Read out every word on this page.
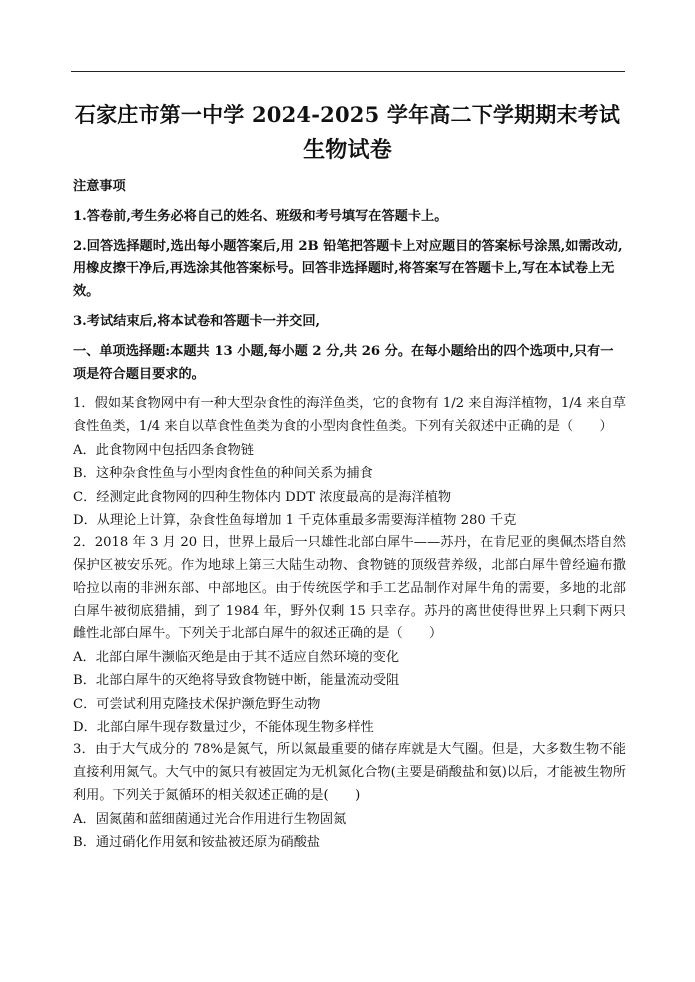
石家庄市第一中学 2024-2025 学年高二下学期期末考试
生物试卷

注意事项

1.答卷前,考生务必将自己的姓名、班级和考号填写在答题卡上。

2.回答选择题时,选出每小题答案后,用 2B 铅笔把答题卡上对应题目的答案标号涂黑,如需改动,用橡皮擦干净后,再选涂其他答案标号。回答非选择题时,将答案写在答题卡上,写在本试卷上无效。

3.考试结束后,将本试卷和答题卡一并交回,

一、单项选择题:本题共 13 小题,每小题 2 分,共 26 分。在每小题给出的四个选项中,只有一项是符合题目要求的。

1．假如某食物网中有一种大型杂食性的海洋鱼类，它的食物有 1/2 来自海洋植物，1/4 来自草食性鱼类，1/4 来自以草食性鱼类为食的小型肉食性鱼类。下列有关叙述中正确的是（　　）

A．此食物网中包括四条食物链

B．这种杂食性鱼与小型肉食性鱼的种间关系为捕食

C．经测定此食物网的四种生物体内 DDT 浓度最高的是海洋植物

D．从理论上计算，杂食性鱼每增加 1 千克体重最多需要海洋植物 280 千克

2．2018 年 3 月 20 日，世界上最后一只雄性北部白犀牛——苏丹，在肯尼亚的奥佩杰塔自然保护区被安乐死。作为地球上第三大陆生动物、食物链的顶级营养级，北部白犀牛曾经遍布撒哈拉以南的非洲东部、中部地区。由于传统医学和手工艺品制作对犀牛角的需要，多地的北部白犀牛被彻底猎捕，到了 1984 年，野外仅剩 15 只幸存。苏丹的离世使得世界上只剩下两只雌性北部白犀牛。下列关于北部白犀牛的叙述正确的是（　　）

A．北部白犀牛濒临灭绝是由于其不适应自然环境的变化

B．北部白犀牛的灭绝将导致食物链中断，能量流动受阻

C．可尝试利用克隆技术保护濒危野生动物

D．北部白犀牛现存数量过少，不能体现生物多样性

3．由于大气成分的 78%是氮气，所以氮最重要的储存库就是大气圈。但是，大多数生物不能直接利用氮气。大气中的氮只有被固定为无机氮化合物(主要是硝酸盐和氨)以后，才能被生物所利用。下列关于氮循环的相关叙述正确的是(　　)

A．固氮菌和蓝细菌通过光合作用进行生物固氮

B．通过硝化作用氨和铵盐被还原为硝酸盐
